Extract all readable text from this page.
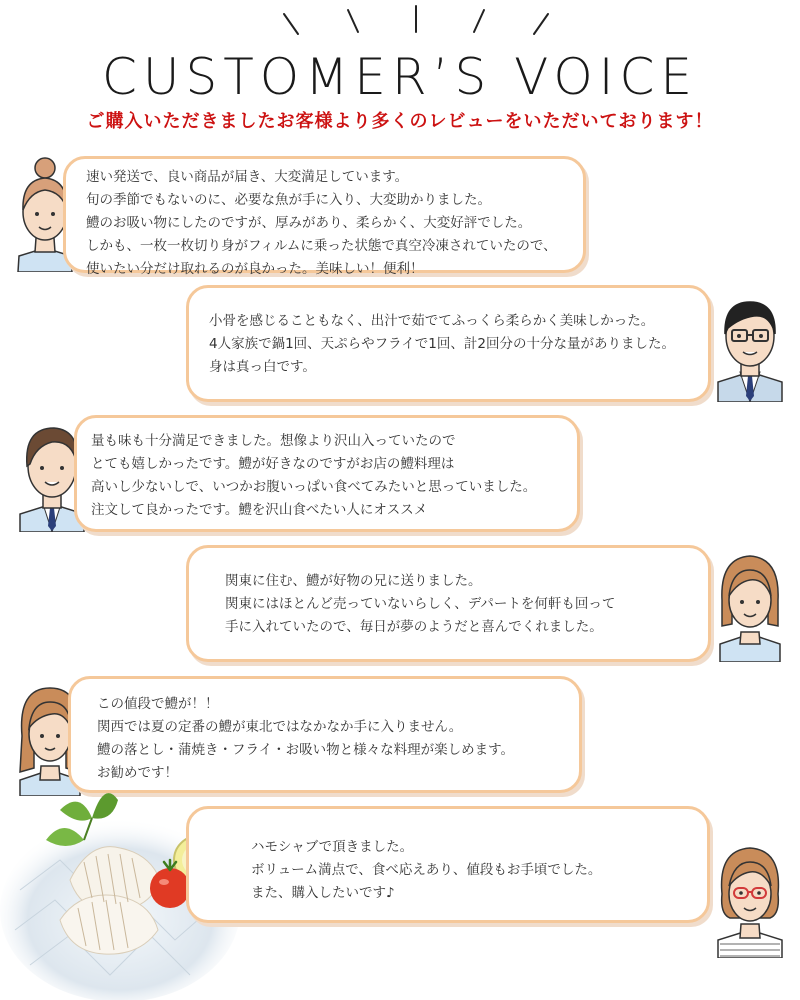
CUSTOMER’S VOICE
ご購入いただきましたお客様より多くのレビューをいただいております！

速い発送で、良い商品が届き、大変満足しています。

旬の季節でもないのに、必要な魚が手に入り、大変助かりました。

鱧のお吸い物にしたのですが、厚みがあり、柔らかく、大変好評でした。

しかも、一枚一枚切り身がフィルムに乗った状態で真空冷凍されていたので、

使いたい分だけ取れるのが良かった。美味しい！便利！

小骨を感じることもなく、出汁で茹でてふっくら柔らかく美味しかった。

4人家族で鍋1回、天ぷらやフライで1回、計2回分の十分な量がありました。

身は真っ白です。

量も味も十分満足できました。想像より沢山入っていたので

とても嬉しかったです。鱧が好きなのですがお店の鱧料理は

高いし少ないしで、いつかお腹いっぱい食べてみたいと思っていました。

注文して良かったです。鱧を沢山食べたい人にオススメ

関東に住む、鱧が好物の兄に送りました。

関東にはほとんど売っていないらしく、デパートを何軒も回って

手に入れていたので、毎日が夢のようだと喜んでくれました。

この値段で鱧が！！

関西では夏の定番の鱧が東北ではなかなか手に入りません。

鱧の落とし・蒲焼き・フライ・お吸い物と様々な料理が楽しめます。

お勧めです！

ハモシャブで頂きました。

ボリューム満点で、食べ応えあり、値段もお手頃でした。

また、購入したいです♪
